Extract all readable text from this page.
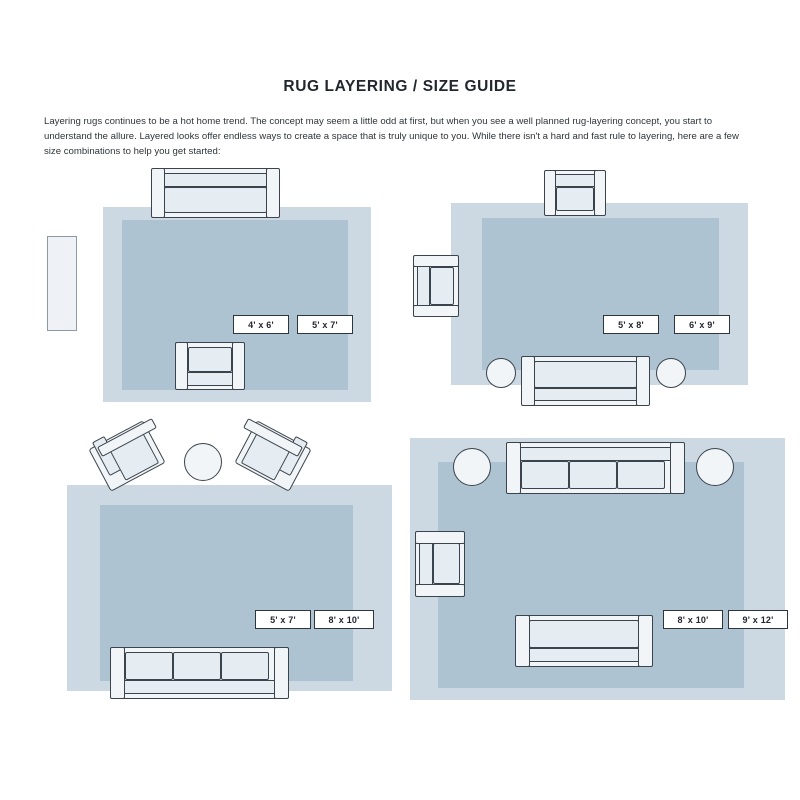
RUG LAYERING / SIZE GUIDE
Layering rugs continues to be a hot home trend. The concept may seem a little odd at first, but when you see a well planned rug-layering concept, you start to understand the allure. Layered looks offer endless ways to create a space that is truly unique to you. While there isn't a hard and fast rule to layering, here are a few size combinations to help you get started:
4' x 6'	5' x 7'	5' x 8'	6' x 9'
5' x 7'	8' x 10'	8' x 10'	9' x 12'
